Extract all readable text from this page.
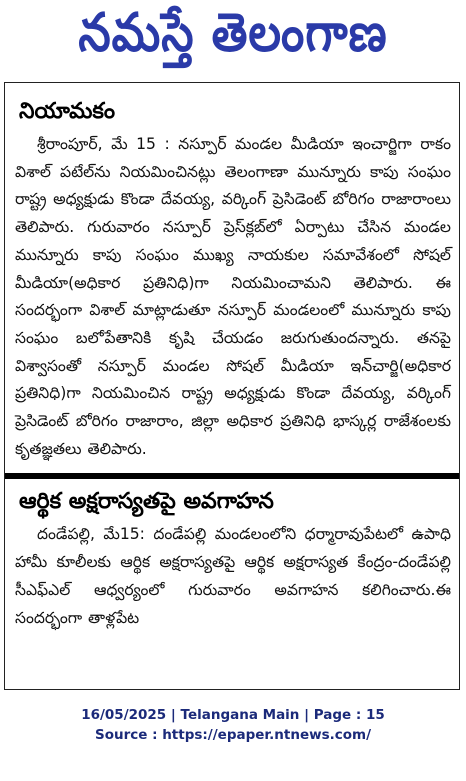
నమస్తే తెలంగాణ
నియామకం

శ్రీరాంపూర్, మే 15 : నస్పూర్ మండల మీడియా ఇంచార్జిగా రాకం విశాల్ పటేల్‌ను నియమించినట్లు తెలంగాణా మున్నూరు కాపు సంఘం రాష్ట్ర అధ్యక్షుడు కొండా దేవయ్య, వర్కింగ్ ప్రెసిడెంట్ బోరిగం రాజారాంలు తెలిపారు. గురువారం నస్పూర్ ప్రెస్‌క్లబ్‌లో ఏర్పాటు చేసిన మండల మున్నూరు కాపు సంఘం ముఖ్య నాయకుల సమావేశంలో సోషల్ మీడియా(అధికార ప్రతినిధి)గా నియమించామని తెలిపారు. ఈ సందర్భంగా విశాల్ మాట్లాడుతూ నస్పూర్ మండలంలో మున్నూరు కాపు సంఘం బలోపేతానికి కృషి చేయడం జరుగుతుందన్నారు. తనపై విశ్వాసంతో నస్పూర్ మండల సోషల్ మీడియా ఇన్‌చార్జి(అధికార ప్రతినిధి)గా నియమించిన రాష్ట్ర అధ్యక్షుడు కొండా దేవయ్య, వర్కింగ్ ప్రెసిడెంట్ బోరిగం రాజారాం, జిల్లా అధికార ప్రతినిధి భాస్కర్ల రాజేశంలకు కృతజ్ఞతలు తెలిపారు.

ఆర్థిక అక్షరాస్యతపై అవగాహన

దండేపల్లి, మే15: దండేపల్లి మండలంలోని ధర్మారావుపేటలో ఉపాధి హామీ కూలీలకు ఆర్థిక అక్షరాస్యతపై ఆర్థిక అక్షరాస్యత కేంద్రం-దండేపల్లి సీఎఫ్ఎల్ ఆధ్వర్యంలో గురువారం అవగాహన కలిగించారు.ఈ సందర్భంగా తాళ్లపేట

16/05/2025 | Telangana Main | Page : 15
Source : https://epaper.ntnews.com/
